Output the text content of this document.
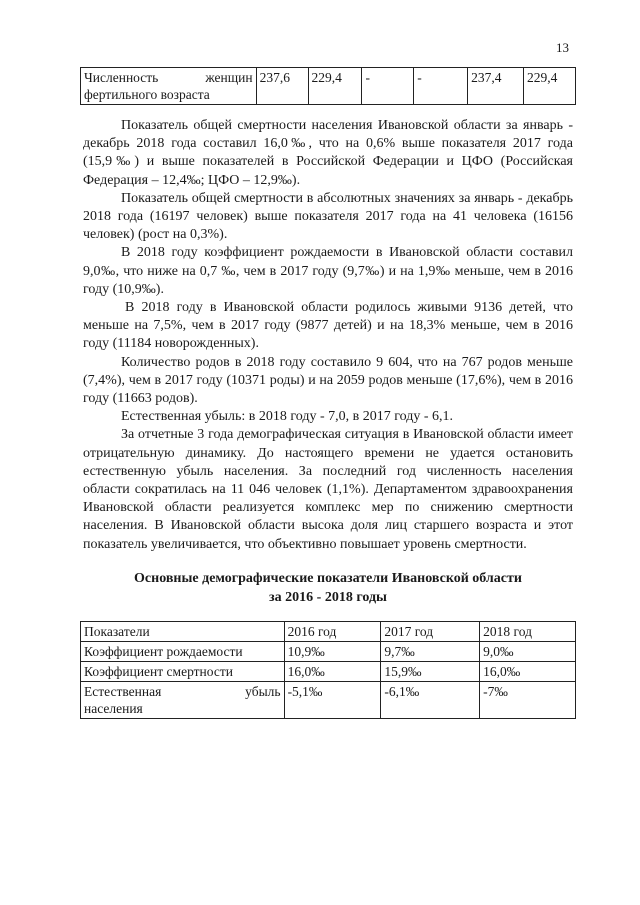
13
Численность женщин
фертильного возраста
	237,6	229,4	-	-	237,4	229,4

Показатель общей смертности населения Ивановской области за январь - декабрь 2018 года составил 16,0‰, что на 0,6% выше показателя 2017 года (15,9‰) и выше показателей в Российской Федерации и ЦФО (Российская Федерация – 12,4‰; ЦФО – 12,9‰).

Показатель общей смертности в абсолютных значениях за январь - декабрь 2018 года (16197 человек) выше показателя 2017 года на 41 человека (16156 человек) (рост на 0,3%).

В 2018 году коэффициент рождаемости в Ивановской области составил 9,0‰, что ниже на 0,7 ‰, чем в 2017 году (9,7‰) и на 1,9‰ меньше, чем в 2016 году (10,9‰).

В 2018 году в Ивановской области родилось живыми 9136 детей, что меньше на 7,5%, чем в 2017 году (9877 детей) и на 18,3% меньше, чем в 2016 году (11184 новорожденных).

Количество родов в 2018 году составило 9 604, что на 767 родов меньше (7,4%), чем в 2017 году (10371 роды) и на 2059 родов меньше (17,6%), чем в 2016 году (11663 родов).

Естественная убыль: в 2018 году - 7,0, в 2017 году - 6,1.

За отчетные 3 года демографическая ситуация в Ивановской области имеет отрицательную динамику. До настоящего времени не удается остановить естественную убыль населения. За последний год численность населения области сократилась на 11 046 человек (1,1%). Департаментом здравоохранения Ивановской области реализуется комплекс мер по снижению смертности населения. В Ивановской области высока доля лиц старшего возраста и этот показатель увеличивается, что объективно повышает уровень смертности.

Основные демографические показатели Ивановской области
за 2016 - 2018 годы
Показатели	2016 год	2017 год	2018 год
Коэффициент рождаемости	10,9‰	9,7‰	9,0‰
Коэффициент смертности	16,0‰	15,9‰	16,0‰

Естественная убыль
населения	-5,1‰	-6,1‰	-7‰
